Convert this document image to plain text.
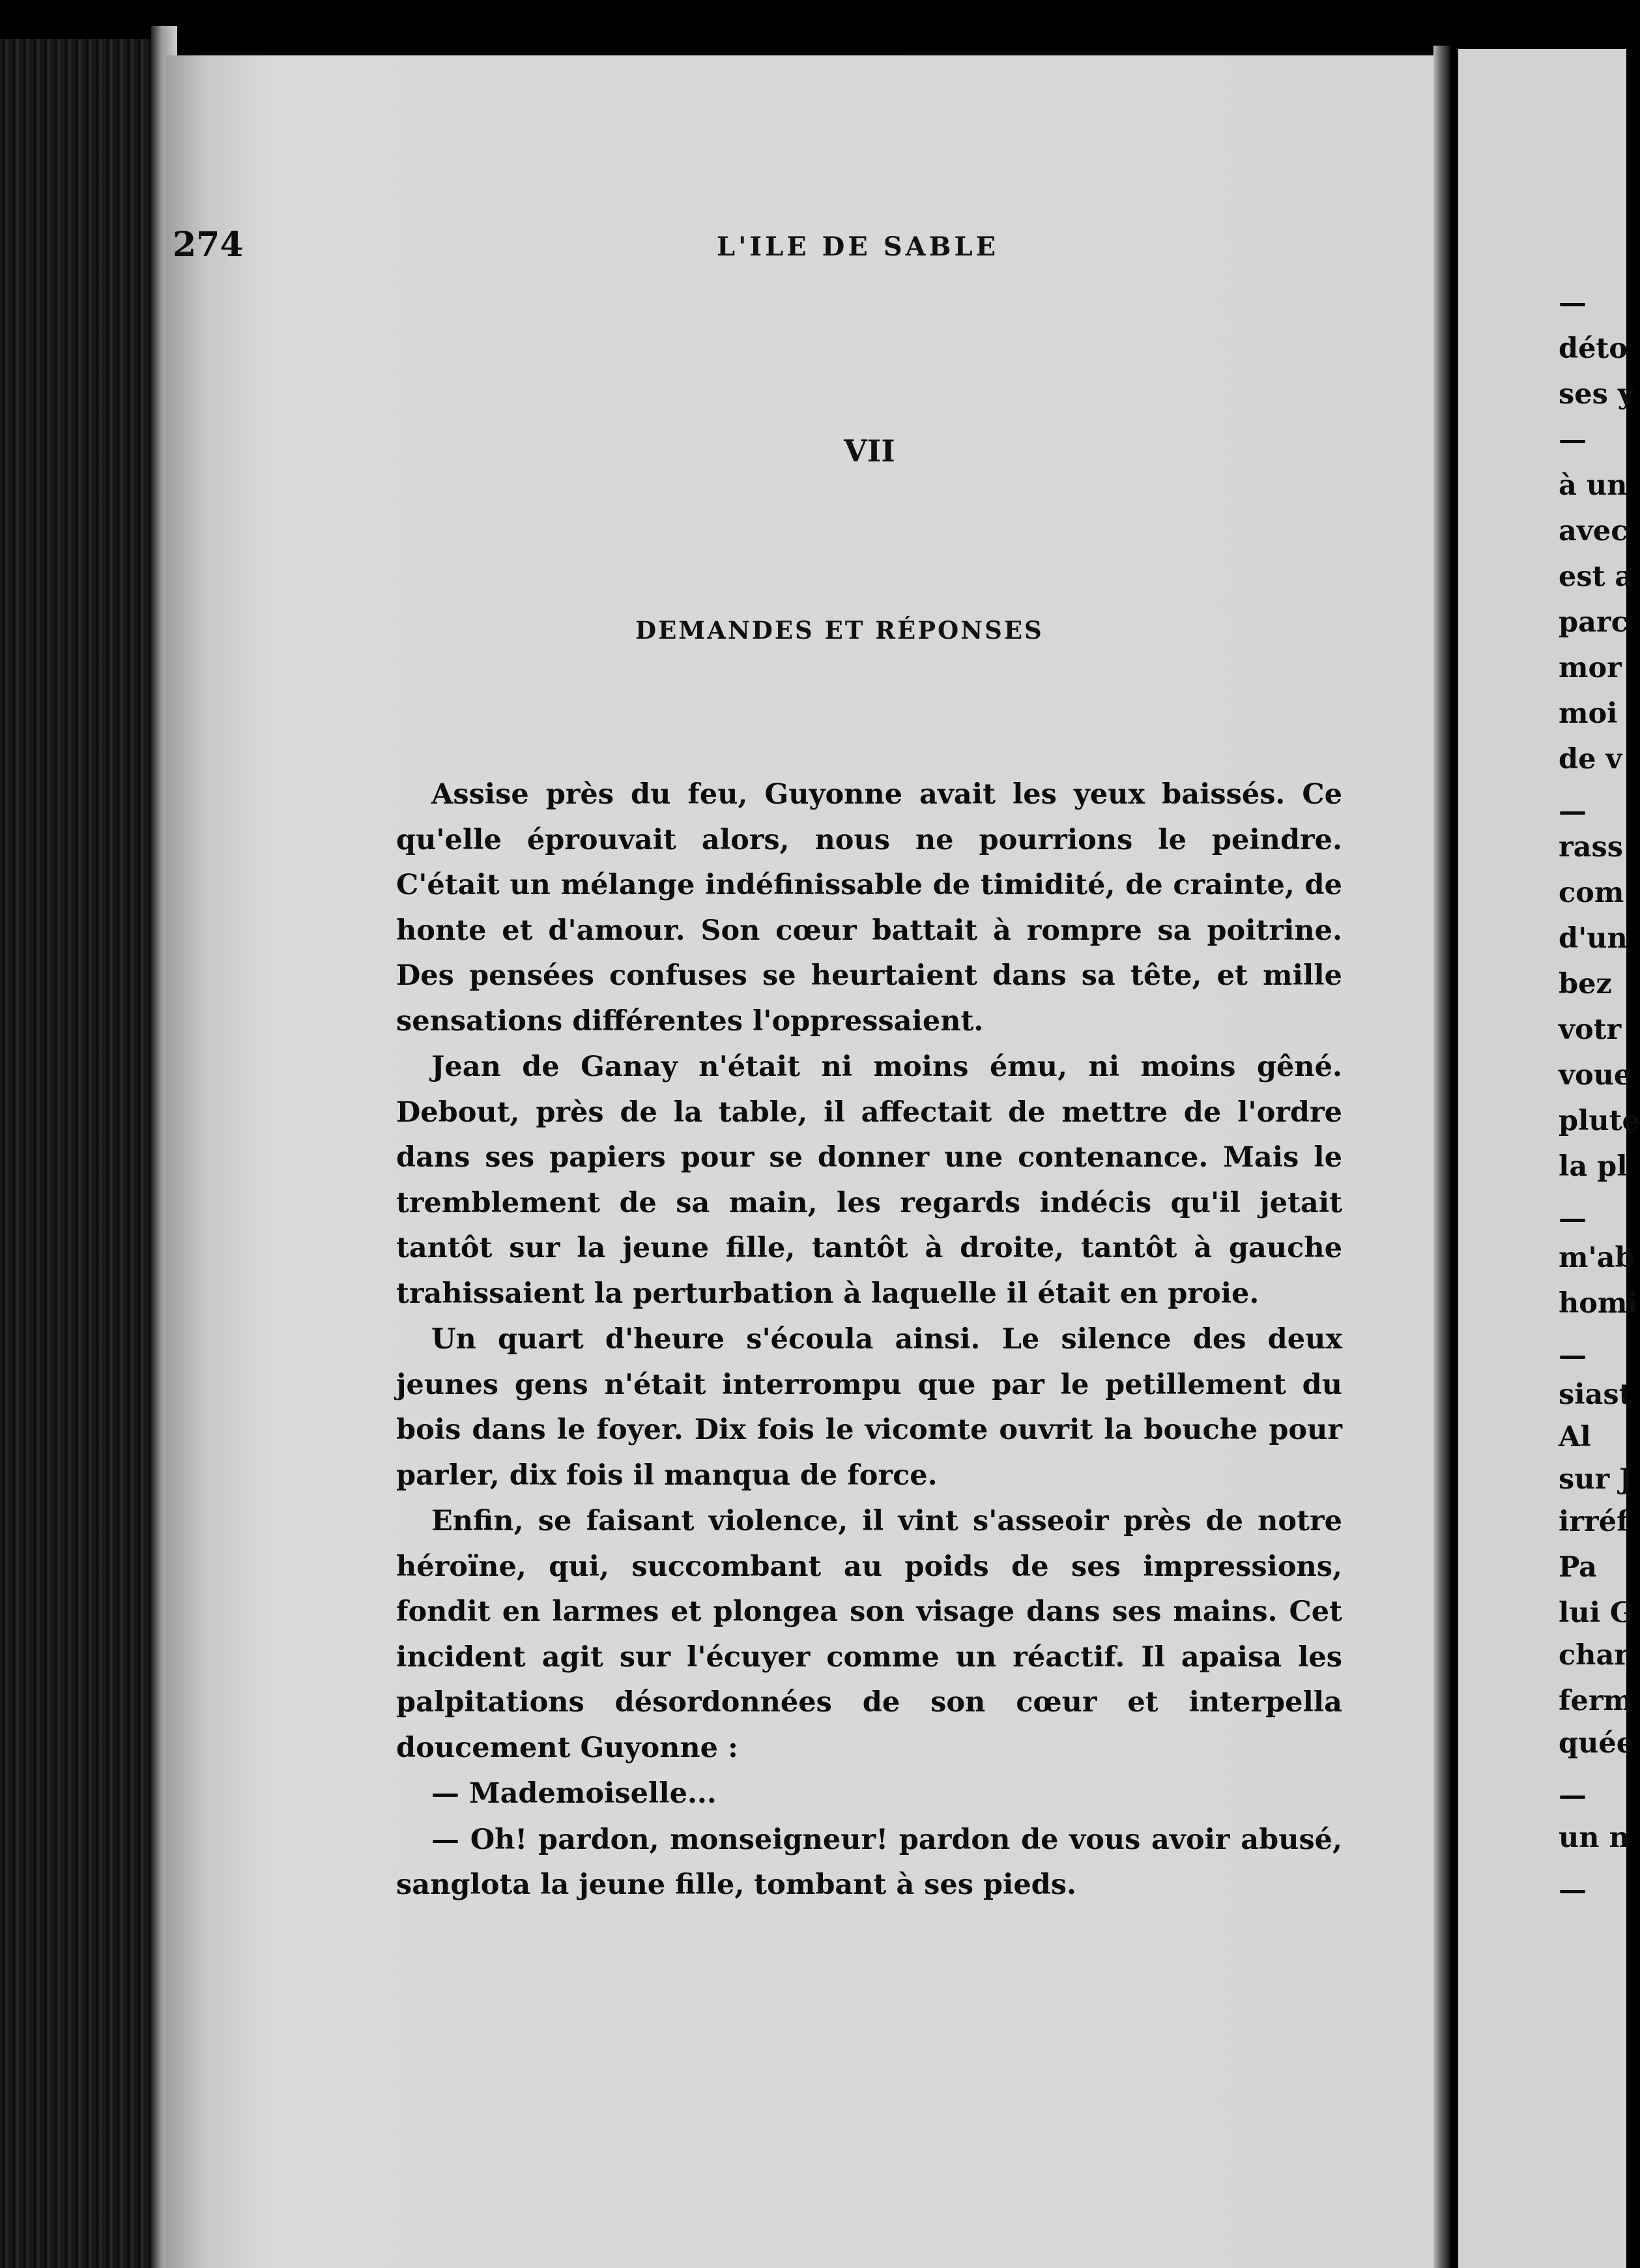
274	L'ILE DE SABLE
VII
DEMANDES ET RÉPONSES

Assise près du feu, Guyonne avait les yeux baissés. Ce qu'elle éprouvait alors, nous ne pourrions le peindre. C'était un mélange indéfinissable de timidité, de crainte, de honte et d'amour. Son cœur battait à rompre sa poitrine. Des pensées confuses se heurtaient dans sa tête, et mille sensations différentes l'oppressaient.

Jean de Ganay n'était ni moins ému, ni moins gêné. Debout, près de la table, il affectait de mettre de l'ordre dans ses papiers pour se donner une contenance. Mais le tremblement de sa main, les regards indécis qu'il jetait tantôt sur la jeune fille, tantôt à droite, tantôt à gauche trahissaient la perturbation à laquelle il était en proie.

Un quart d'heure s'écoula ainsi. Le silence des deux jeunes gens n'était interrompu que par le petillement du bois dans le foyer. Dix fois le vicomte ouvrit la bouche pour parler, dix fois il manqua de force.

Enfin, se faisant violence, il vint s'asseoir près de notre héroïne, qui, succombant au poids de ses impressions, fondit en larmes et plongea son visage dans ses mains. Cet incident agit sur l'écuyer comme un réactif. Il apaisa les palpitations désordonnées de son cœur et interpella doucement Guyonne :

— Mademoiselle...

— Oh! pardon, monseigneur! pardon de vous avoir abusé, sanglota la jeune fille, tombant à ses pieds.

—
déto
ses y
—
à un
avec
est a
parc
mor
moi
de v
—
rass
com
d'un
bez
votr
voue
plute
la pl
—
m'ab
homi
—
siast
Al
sur J
irréf
Pa
lui G
char
ferm
quée
—
un n
—
